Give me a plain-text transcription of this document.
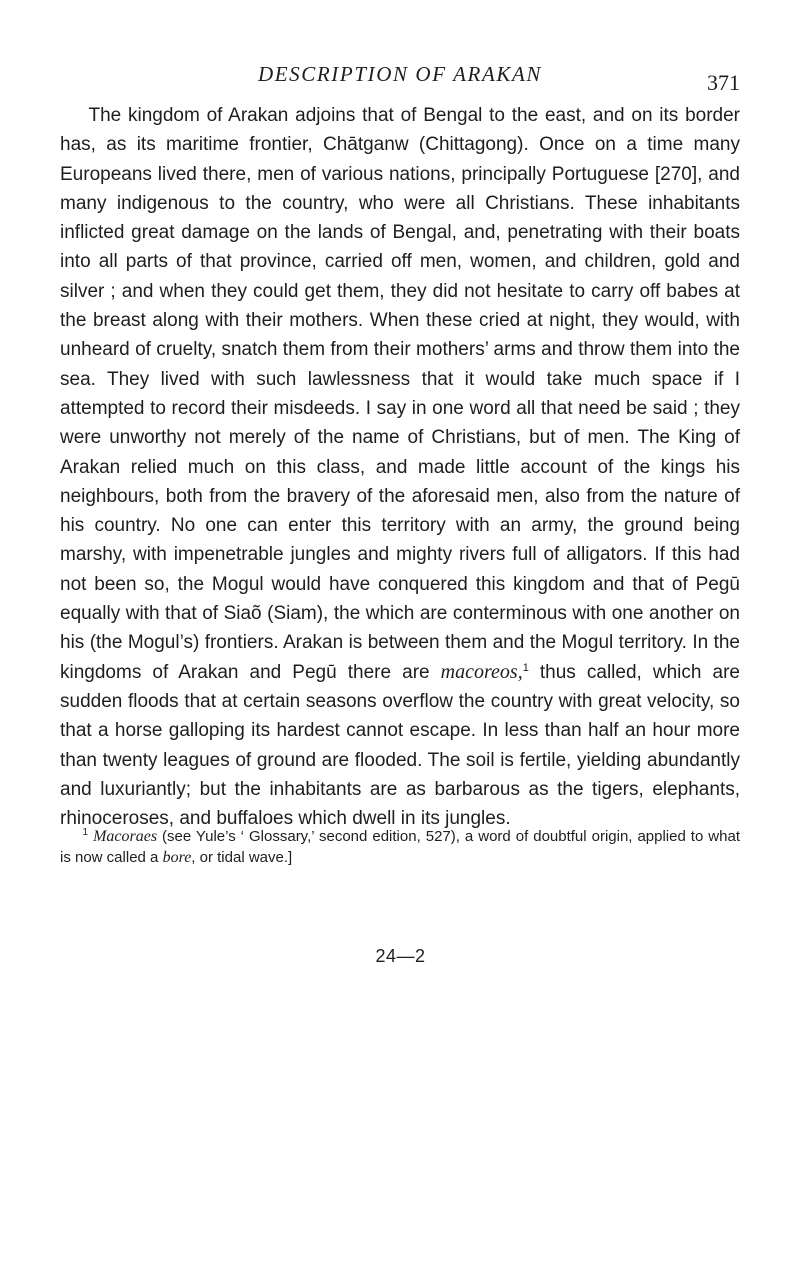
DESCRIPTION OF ARAKAN	371

The kingdom of Arakan adjoins that of Bengal to the east, and on its border has, as its maritime frontier, Chātganw (Chittagong). Once on a time many Europeans lived there, men of various nations, principally Portuguese [270], and many indigenous to the country, who were all Christians. These inhabitants inflicted great damage on the lands of Bengal, and, penetrating with their boats into all parts of that province, carried off men, women, and children, gold and silver ; and when they could get them, they did not hesitate to carry off babes at the breast along with their mothers. When these cried at night, they would, with unheard of cruelty, snatch them from their mothers’ arms and throw them into the sea. They lived with such lawlessness that it would take much space if I attempted to record their misdeeds. I say in one word all that need be said ; they were unworthy not merely of the name of Christians, but of men. The King of Arakan relied much on this class, and made little account of the kings his neighbours, both from the bravery of the aforesaid men, also from the nature of his country. No one can enter this territory with an army, the ground being marshy, with impenetrable jungles and mighty rivers full of alligators. If this had not been so, the Mogul would have conquered this kingdom and that of Pegū equally with that of Siaõ (Siam), the which are conterminous with one another on his (the Mogul’s) frontiers. Arakan is between them and the Mogul territory. In the kingdoms of Arakan and Pegū there are macoreos,$^1$ thus called, which are sudden floods that at certain seasons overflow the country with great velocity, so that a horse galloping its hardest cannot escape. In less than half an hour more than twenty leagues of ground are flooded. The soil is fertile, yielding abundantly and luxuriantly; but the inhabitants are as barbarous as the tigers, elephants, rhinoceroses, and buffaloes which dwell in its jungles.

$^1$ Macoraes (see Yule’s ‘ Glossary,’ second edition, 527), a word of doubtful origin, applied to what is now called a bore, or tidal wave.]

24—2
